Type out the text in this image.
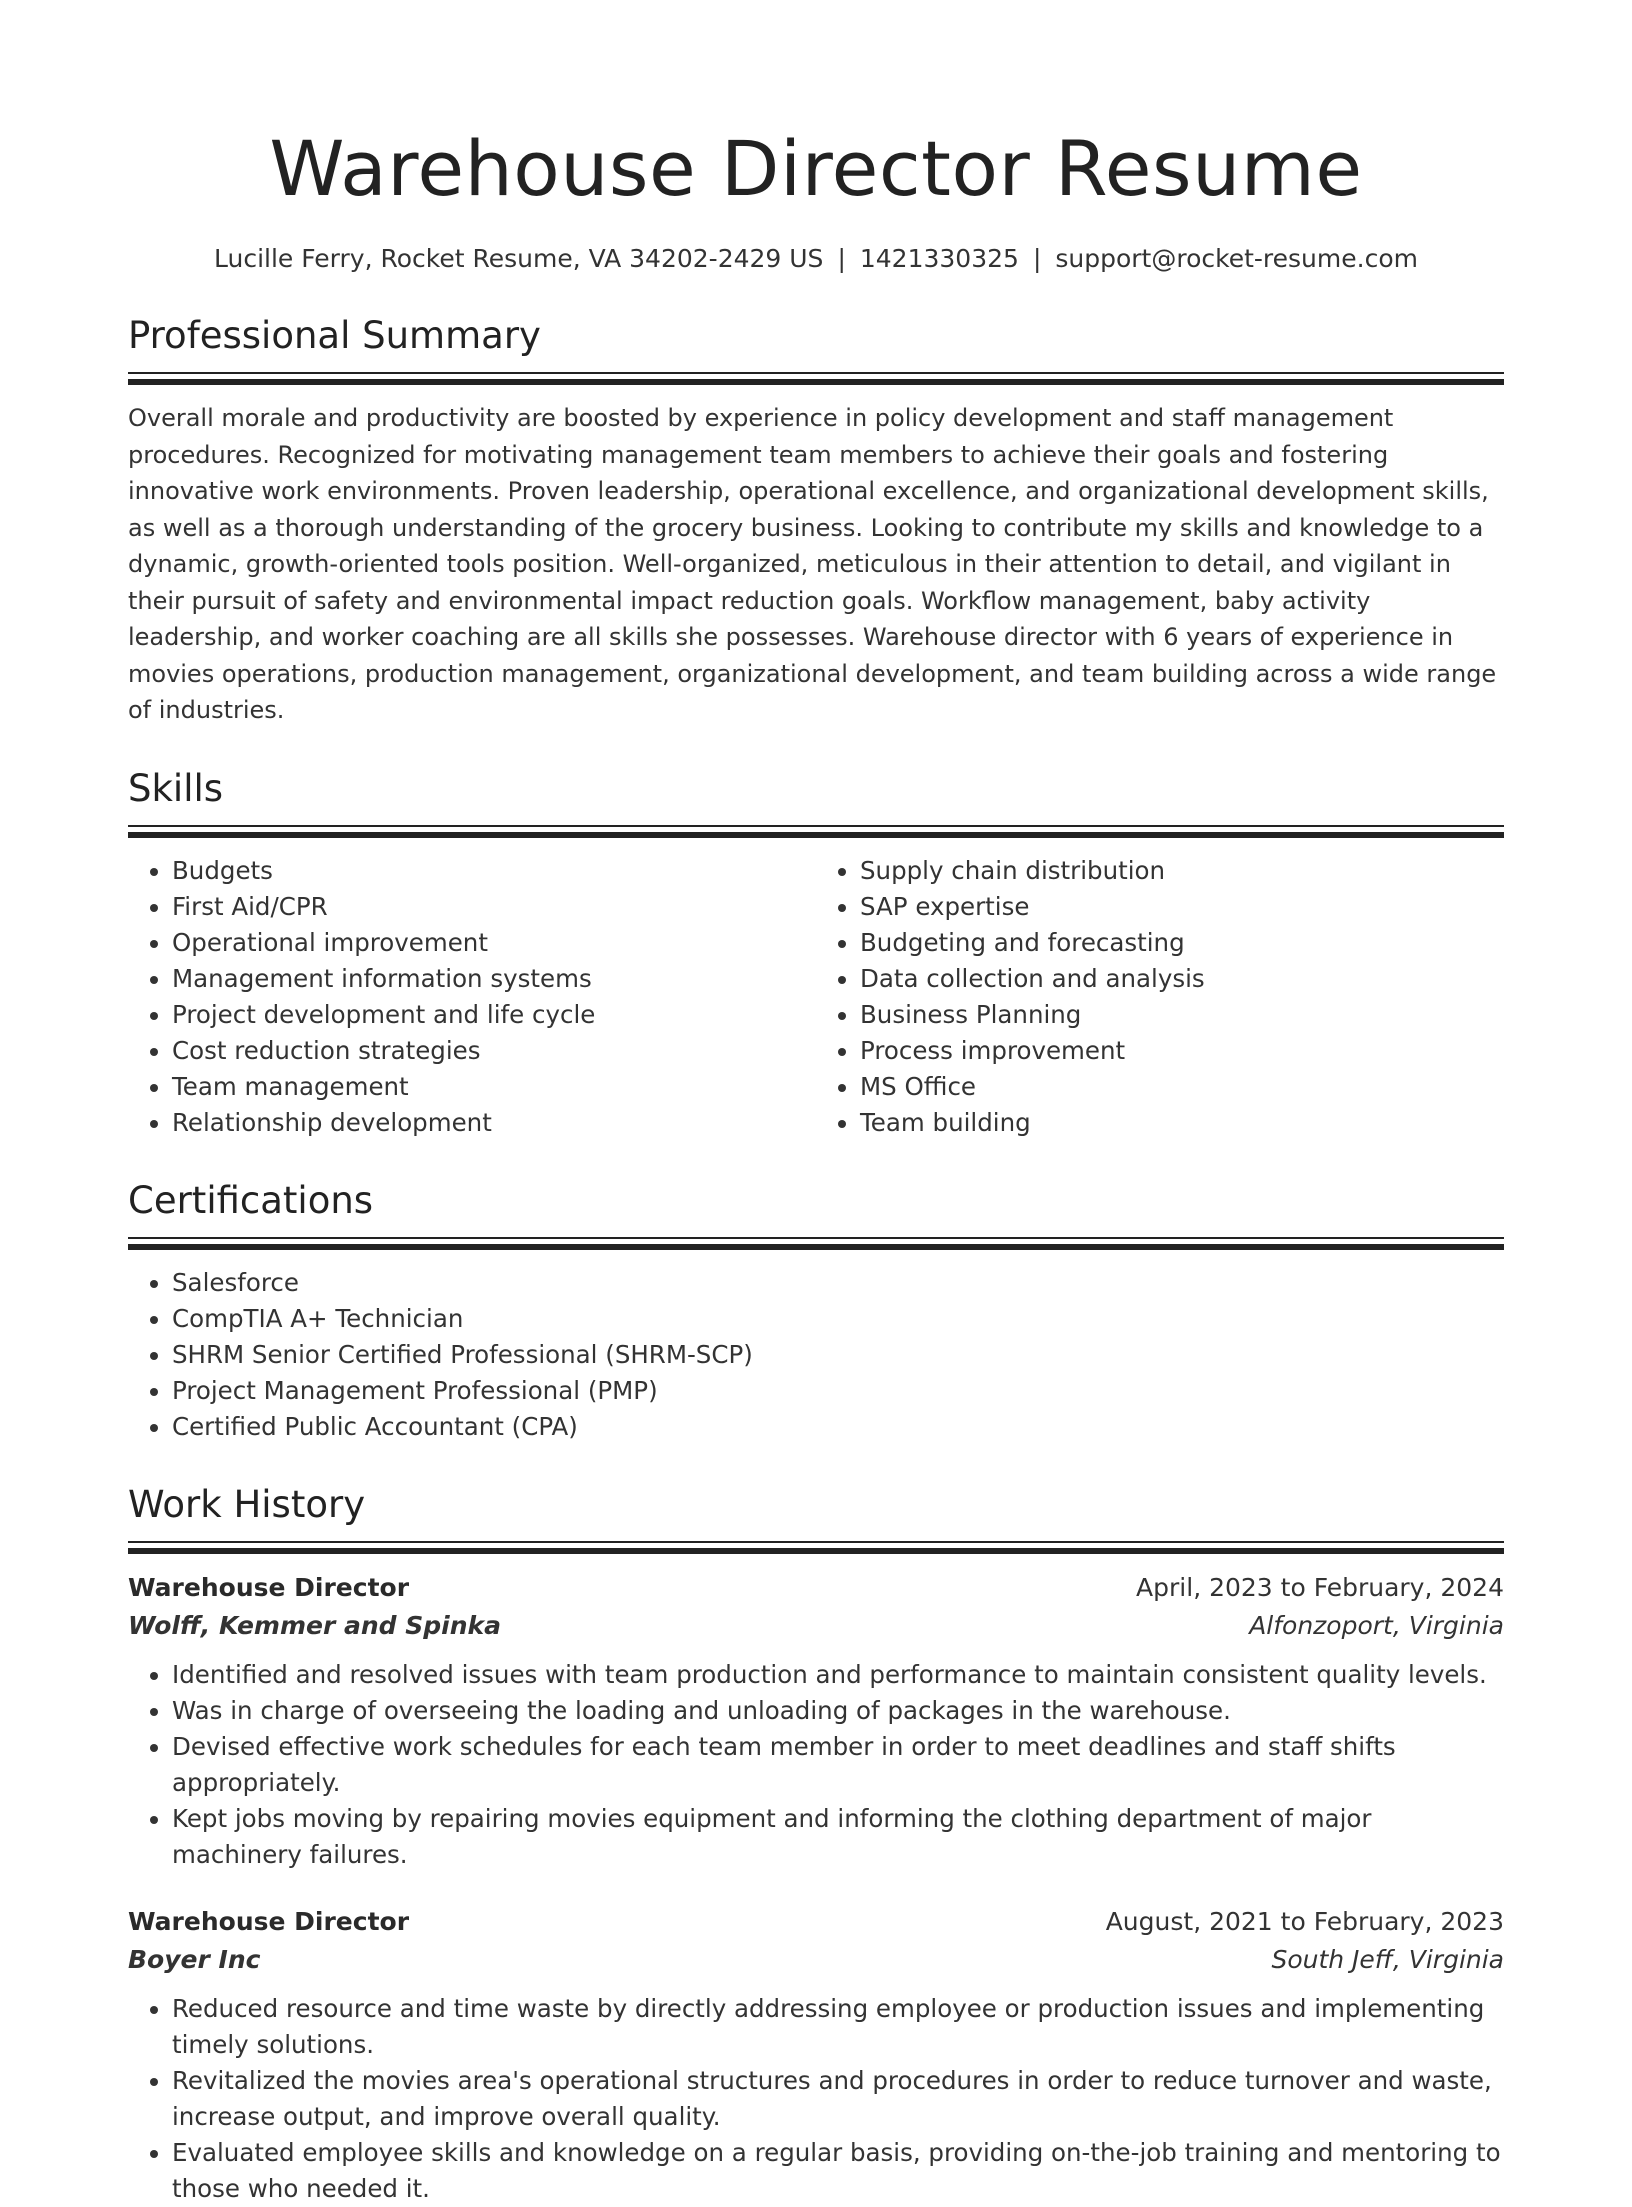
Warehouse Director Resume
Lucille Ferry, Rocket Resume, VA 34202-2429 US | 1421330325 | support@rocket-resume.com
Professional Summary

Overall morale and productivity are boosted by experience in policy development and staff management procedures. Recognized for motivating management team members to achieve their goals and fostering innovative work environments. Proven leadership, operational excellence, and organizational development skills, as well as a thorough understanding of the grocery business. Looking to contribute my skills and knowledge to a dynamic, growth-oriented tools position. Well-organized, meticulous in their attention to detail, and vigilant in their pursuit of safety and environmental impact reduction goals. Workflow management, baby activity leadership, and worker coaching are all skills she possesses. Warehouse director with 6 years of experience in movies operations, production management, organizational development, and team building across a wide range of industries.

Skills
• Budgets
• First Aid/CPR
• Operational improvement
• Management information systems
• Project development and life cycle
• Cost reduction strategies
• Team management
• Relationship development
• Supply chain distribution
• SAP expertise
• Budgeting and forecasting
• Data collection and analysis
• Business Planning
• Process improvement
• MS Office
• Team building
Certifications
• Salesforce
• CompTIA A+ Technician
• SHRM Senior Certified Professional (SHRM-SCP)
• Project Management Professional (PMP)
• Certified Public Accountant (CPA)
Work History
Warehouse Director	April, 2023 to February, 2024
Wolff, Kemmer and Spinka	Alfonzoport, Virginia
• Identified and resolved issues with team production and performance to maintain consistent quality levels.
• Was in charge of overseeing the loading and unloading of packages in the warehouse.
• Devised effective work schedules for each team member in order to meet deadlines and staff shifts appropriately.
• Kept jobs moving by repairing movies equipment and informing the clothing department of major machinery failures.
Warehouse Director	August, 2021 to February, 2023
Boyer Inc	South Jeff, Virginia
• Reduced resource and time waste by directly addressing employee or production issues and implementing timely solutions.
• Revitalized the movies area's operational structures and procedures in order to reduce turnover and waste, increase output, and improve overall quality.
• Evaluated employee skills and knowledge on a regular basis, providing on-the-job training and mentoring to those who needed it.
